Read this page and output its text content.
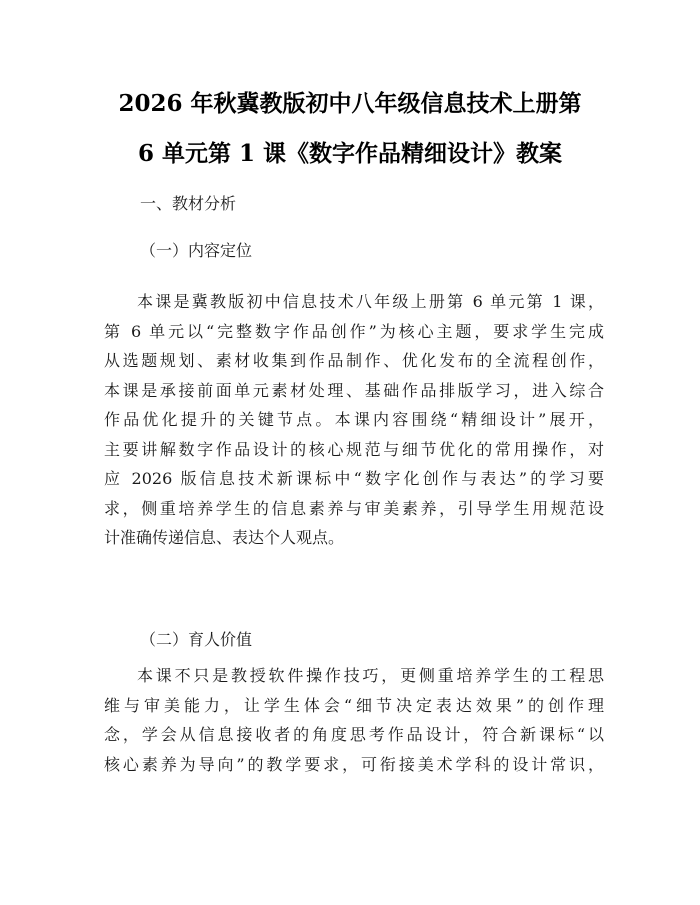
2026 年秋冀教版初中八年级信息技术上册第
6 单元第 1 课《数字作品精细设计》教案
一、教材分析
（一）内容定位
本课是冀教版初中信息技术八年级上册第 6 单元第 1 课，
第 6 单元以“完整数字作品创作”为核心主题，要求学生完成
从选题规划、素材收集到作品制作、优化发布的全流程创作，
本课是承接前面单元素材处理、基础作品排版学习，进入综合
作品优化提升的关键节点。本课内容围绕“精细设计”展开，
主要讲解数字作品设计的核心规范与细节优化的常用操作，对
应 2026 版信息技术新课标中“数字化创作与表达”的学习要
求，侧重培养学生的信息素养与审美素养，引导学生用规范设
计准确传递信息、表达个人观点。
（二）育人价值
本课不只是教授软件操作技巧，更侧重培养学生的工程思
维与审美能力，让学生体会“细节决定表达效果”的创作理
念，学会从信息接收者的角度思考作品设计，符合新课标“以
核心素养为导向”的教学要求，可衔接美术学科的设计常识，
